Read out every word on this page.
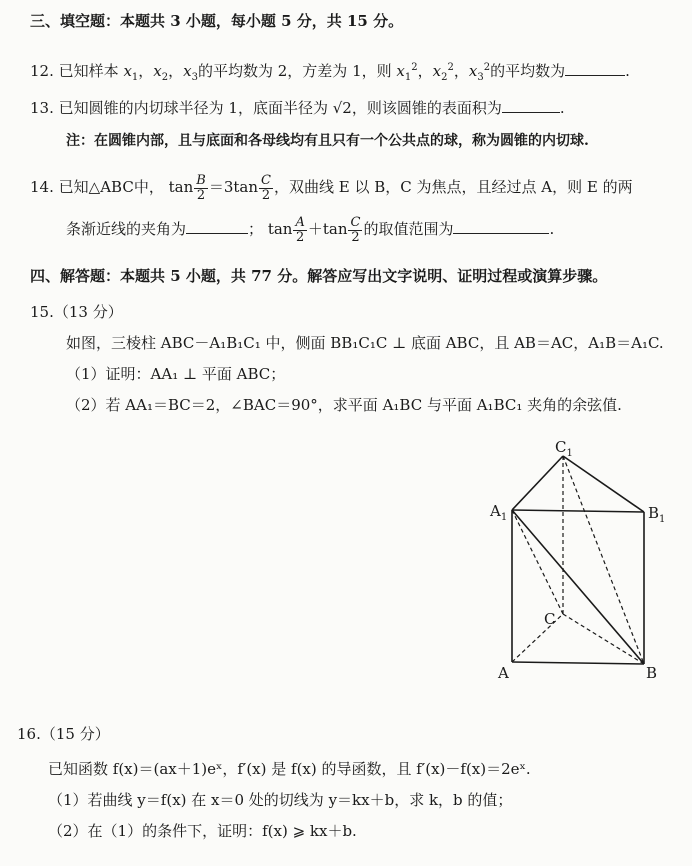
三、填空题：本题共 3 小题，每小题 5 分，共 15 分。
12. 已知样本 $x_1$，$x_2$，$x_3$的平均数为 2，方差为 1，则 $x_1^2$，$x_2^2$，$x_3^2$的平均数为	.
13. 已知圆锥的内切球半径为 1，底面半径为 √2，则该圆锥的表面积为	.
注：在圆锥内部，且与底面和各母线均有且只有一个公共点的球，称为圆锥的内切球.
14. 已知△ABC中， $\tan \frac{B}{2} =3\tan \frac{C}{2}$ ，双曲线 E 以 B，C 为焦点，且经过点 A，则 E 的两
条渐近线的夹角为	； $\tan \frac{A}{2} +\tan \frac{C}{2}$ 的取值范围为	.
四、解答题：本题共 5 小题，共 77 分。解答应写出文字说明、证明过程或演算步骤。
15.（13 分）
如图，三棱柱 ABC－A₁B₁C₁ 中，侧面 BB₁C₁C ⊥ 底面 ABC，且 AB＝AC，A₁B＝A₁C.
（1）证明：AA₁ ⊥ 平面 ABC；
（2）若 AA₁＝BC＝2，∠BAC＝90°，求平面 A₁BC 与平面 A₁BC₁ 夹角的余弦值.
$C_1$
$A_1$	$B_1$
C
A	B
16.（15 分）
已知函数 f(x)＝(ax＋1)eˣ，f′(x) 是 f(x) 的导函数，且 f′(x)－f(x)＝2eˣ.
（1）若曲线 y＝f(x) 在 x＝0 处的切线为 y＝kx＋b，求 k，b 的值；
（2）在（1）的条件下，证明：f(x) ⩾ kx＋b.
